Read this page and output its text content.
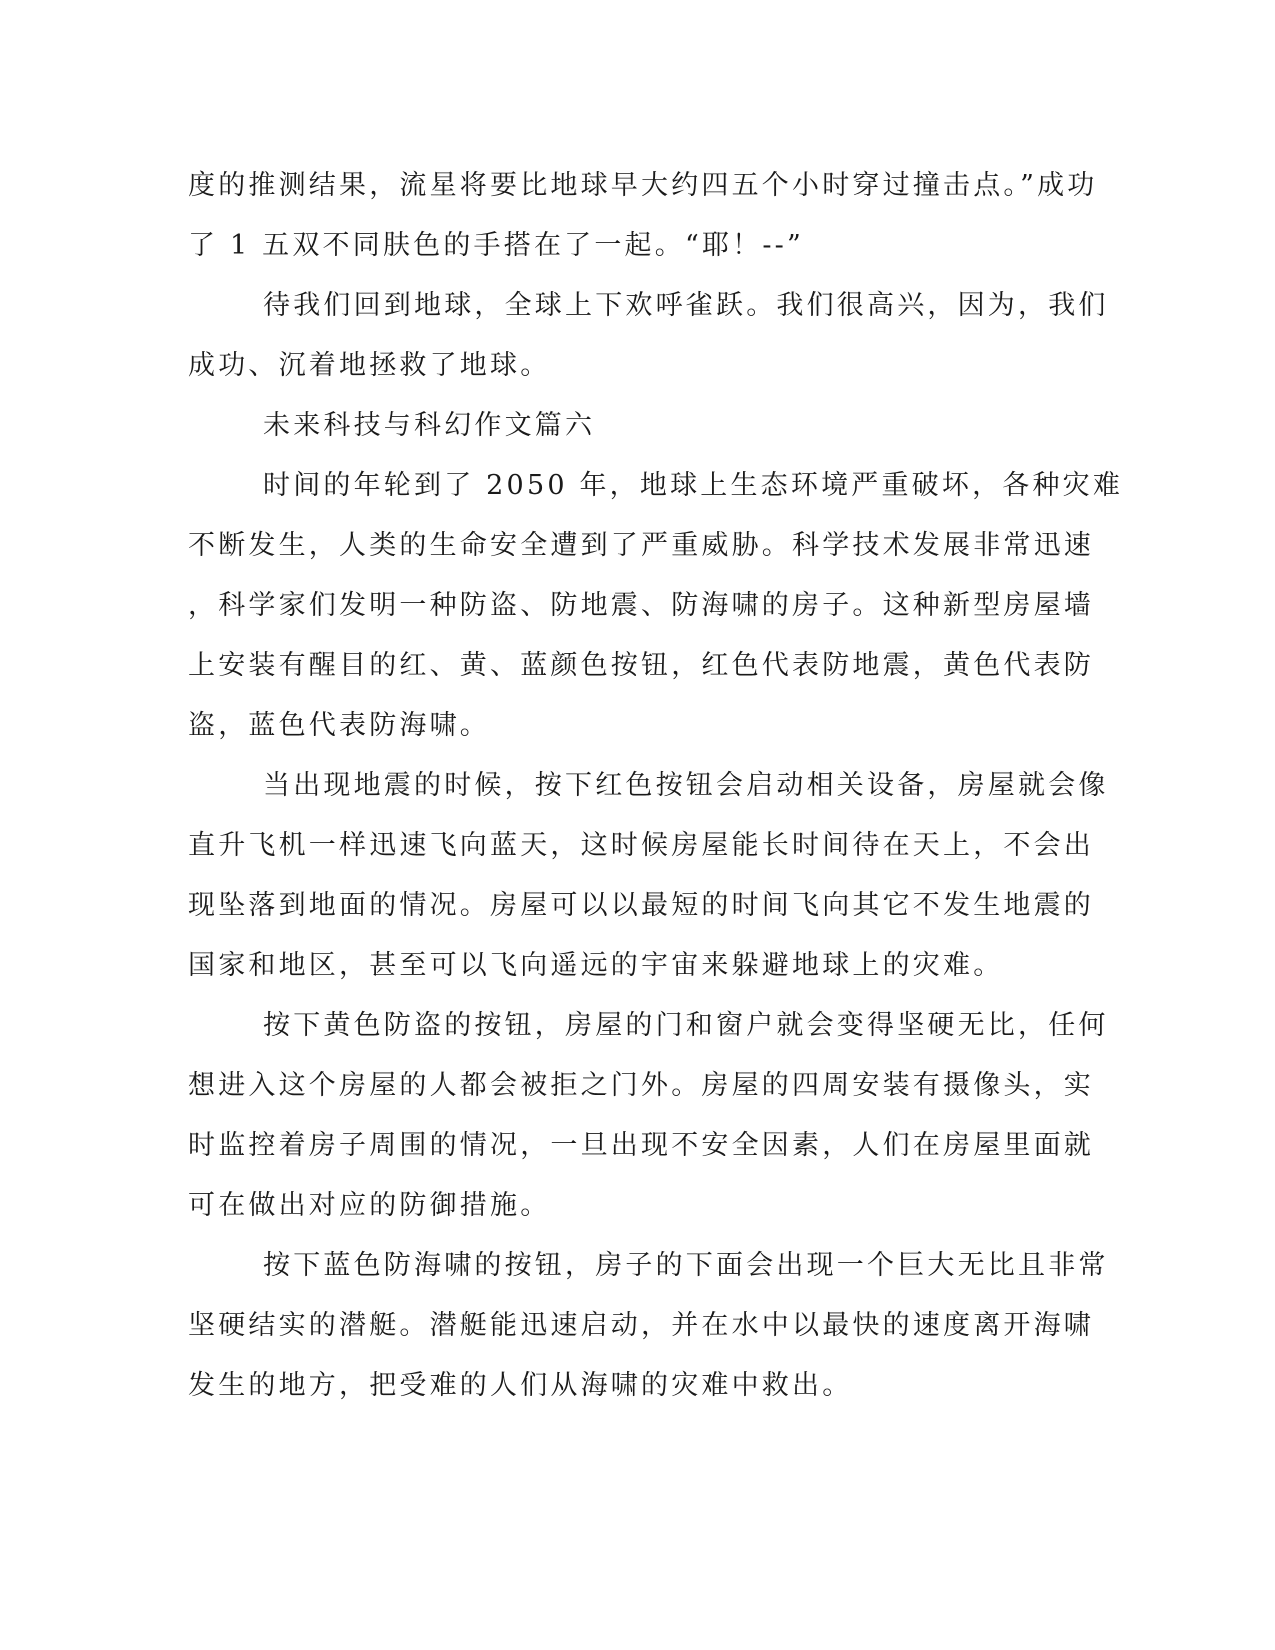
度的推测结果，流星将要比地球早大约四五个小时穿过撞击点。”成功
了 1 五双不同肤色的手搭在了一起。“耶！--”
待我们回到地球，全球上下欢呼雀跃。我们很高兴，因为，我们
成功、沉着地拯救了地球。
未来科技与科幻作文篇六
时间的年轮到了 2050 年，地球上生态环境严重破坏，各种灾难
不断发生，人类的生命安全遭到了严重威胁。科学技术发展非常迅速
，科学家们发明一种防盗、防地震、防海啸的房子。这种新型房屋墙
上安装有醒目的红、黄、蓝颜色按钮，红色代表防地震，黄色代表防
盗，蓝色代表防海啸。
当出现地震的时候，按下红色按钮会启动相关设备，房屋就会像
直升飞机一样迅速飞向蓝天，这时候房屋能长时间待在天上，不会出
现坠落到地面的情况。房屋可以以最短的时间飞向其它不发生地震的
国家和地区，甚至可以飞向遥远的宇宙来躲避地球上的灾难。
按下黄色防盗的按钮，房屋的门和窗户就会变得坚硬无比，任何
想进入这个房屋的人都会被拒之门外。房屋的四周安装有摄像头，实
时监控着房子周围的情况，一旦出现不安全因素，人们在房屋里面就
可在做出对应的防御措施。
按下蓝色防海啸的按钮，房子的下面会出现一个巨大无比且非常
坚硬结实的潜艇。潜艇能迅速启动，并在水中以最快的速度离开海啸
发生的地方，把受难的人们从海啸的灾难中救出。
